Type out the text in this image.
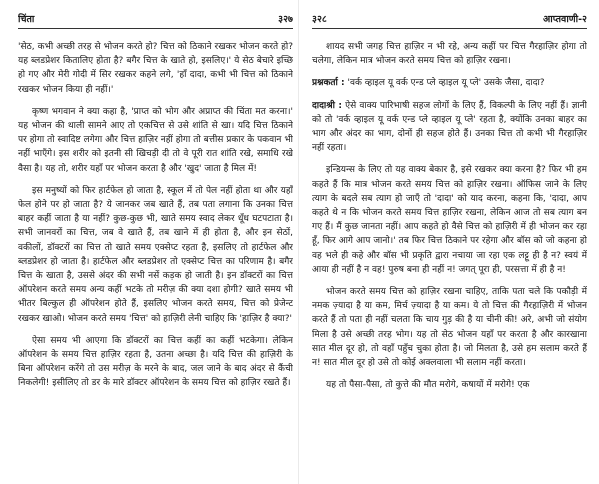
चिंता	३२७

'सेठ, कभी अच्छी तरह से भोजन करते हो? चित्त को ठिकाने रखकर भोजन करते हो? यह ब्लडप्रेशर कितालिए होता है? बगैर चित्त के खाते हो, इसलिए।' ये सेठ बेचारे इच्छि हो गए और मेरी गोदी में सिर रखकर कहने लगे, 'हाँ दादा, कभी भी चित्त को ठिकाने रखकर भोजन किया ही नहीं।'

कृष्ण भगवान ने क्या कहा है, 'प्राप्त को भोग और अप्राप्त की चिंता मत करना।' यह भोजन की थाली सामने आए तो एकचित्त से उसे शांति से खा। यदि चित्त ठिकाने पर होगा तो स्वादिष्ट लगेगा और चित्त हाज़िर नहीं होगा तो बत्तीस प्रकार के पकवान भी नहीं भाएँगे। इस शरीर को इतनी सी खिचड़ी दी तो वे पूरी रात शांति रखे, समाधि रखे वैसा है। यह तो, शरीर यहाँ पर भोजन करता है और 'खुद' जाता है मिल में!

इस मनुष्यों को फिर हार्टफेल हो जाता है, स्कूल में तो पेल नहीं होता था और यहाँ फेल होने पर हो जाता है? ये जानकर जब खाते हैं, तब पता लगाना कि उनका चित्त बाहर कहीं जाता है या नहीं? कुछ-कुछ भी, खाते समय स्वाद लेकर धूँध घटपटाता है। सभी जानवरों का चित्त, जब वे खाते हैं, तब खाने में ही होता है, और इन सेठों, वकीलों, डॉक्टरों का चित्त तो खाते समय एक्सेप्ट रहता है, इसलिए तो हार्टफेल और ब्लडप्रेशर हो जाता है। हार्टफेल और ब्लडप्रेशर तो एक्सेप्ट चित्त का परिणाम है। बगैर चित्त के खाता है, उससे अंदर की सभी नसें कड़क हो जाती है। इन डॉक्टरों का चित्त ऑपरेशन करते समय अन्य कहीं भटके तो मरीज़ की क्या दशा होगी? खाते समय भी भीतर बिल्कुल ही ऑपरेशन होते हैं, इसलिए भोजन करते समय, चित्त को प्रेजेन्ट रखकर खाओ। भोजन करते समय 'चित्त' को हाज़िरी लेनी चाहिए कि 'हाज़िर है क्या?'

ऐसा समय भी आएगा कि डॉक्टरों का चित्त कहीं का कहीं भटकेगा। लेकिन ऑपरेशन के समय चित्त हाज़िर रहता है, उतना अच्छा है। यदि चित्त की हाज़िरी के बिना ऑपरेशन करेंगे तो उस मरीज़ के मरने के बाद, जल जाने के बाद अंदर से कैंची निकलेगी! इसीलिए तो डर के मारे डॉक्टर ऑपरेशन के समय चित्त को हाज़िर रखते हैं।

३२८	आप्तवाणी-२

शायद सभी जगह चित्त हाज़िर न भी रहे, अन्य कहीं पर चित्त गैरहाज़िर होगा तो चलेगा, लेकिन मात्र भोजन करते समय चित्त को हाज़िर रखना।

प्रश्नकर्ता : 'वर्क व्हाइल यू वर्क एन्ड प्ले व्हाइल यू प्ले' उसके जैसा, दादा?

दादाश्री : ऐसे वाक्य पारिभाषी सहज लोगों के लिए हैं, विकल्पी के लिए नहीं हैं। ज्ञानी को तो 'वर्क व्हाइल यू वर्क एन्ड प्ले व्हाइल यू प्ले' रहता है, क्योंकि उनका बाहर का भाग और अंदर का भाग, दोनों ही सहज होते हैं। उनका चित्त तो कभी भी गैरहाज़िर नहीं रहता।

इन्डियन्स के लिए तो यह वाक्य बेकार है, इसे रखकर क्या करना है? फिर भी हम कहते हैं कि मात्र भोजन करते समय चित्त को हाज़िर रखना। ऑफिस जाने के लिए त्याग के बदले सब त्याग हो जाएँ तो 'दादा' को याद करना, कहना कि, 'दादा, आप कहते थे न कि भोजन करते समय चित्त हाज़िर रखना, लेकिन आज तो सब त्याग बन गए हैं। मैं कुछ जानता नहीं। आप कहते हो वैसे चित्त को हाज़िरी में ही भोजन कर रहा हूँ, फिर आगे आप जानो।' तब फिर चित्त ठिकाने पर रहेगा और बॉस को जो कहना हो वह भले ही कहे और बॉस भी प्रकृति द्वारा नचाया जा रहा एक लट्टू ही है न? स्वयं में आया ही नहीं है न वह! पुरुष बना ही नहीं न! जगत् पूरा ही, परसत्ता में ही है न!

भोजन करते समय चित्त को हाज़िर रखना चाहिए, ताकि पता चले कि पकौड़ी में नमक ज़्यादा है या कम, मिर्च ज़्यादा है या कम। ये तो चित्त की गैरहाज़िरी में भोजन करते हैं तो पता ही नहीं चलता कि चाय गुड़ की है या चीनी की! अरे, अभी जो संयोग मिला है उसे अच्छी तरह भोग। यह तो सेठ भोजन यहाँ पर करता है और कारखाना सात मील दूर हो, तो वहाँ पहुँच चुका होता है। जो मिलता है, उसे हम सलाम करते हैं न! सात मील दूर हो उसे तो कोई अक्लवाला भी सलाम नहीं करता।

यह तो पैसा-पैसा, तो कुत्ते की मौत मरोगे, कषायों में मरोगे! एक
